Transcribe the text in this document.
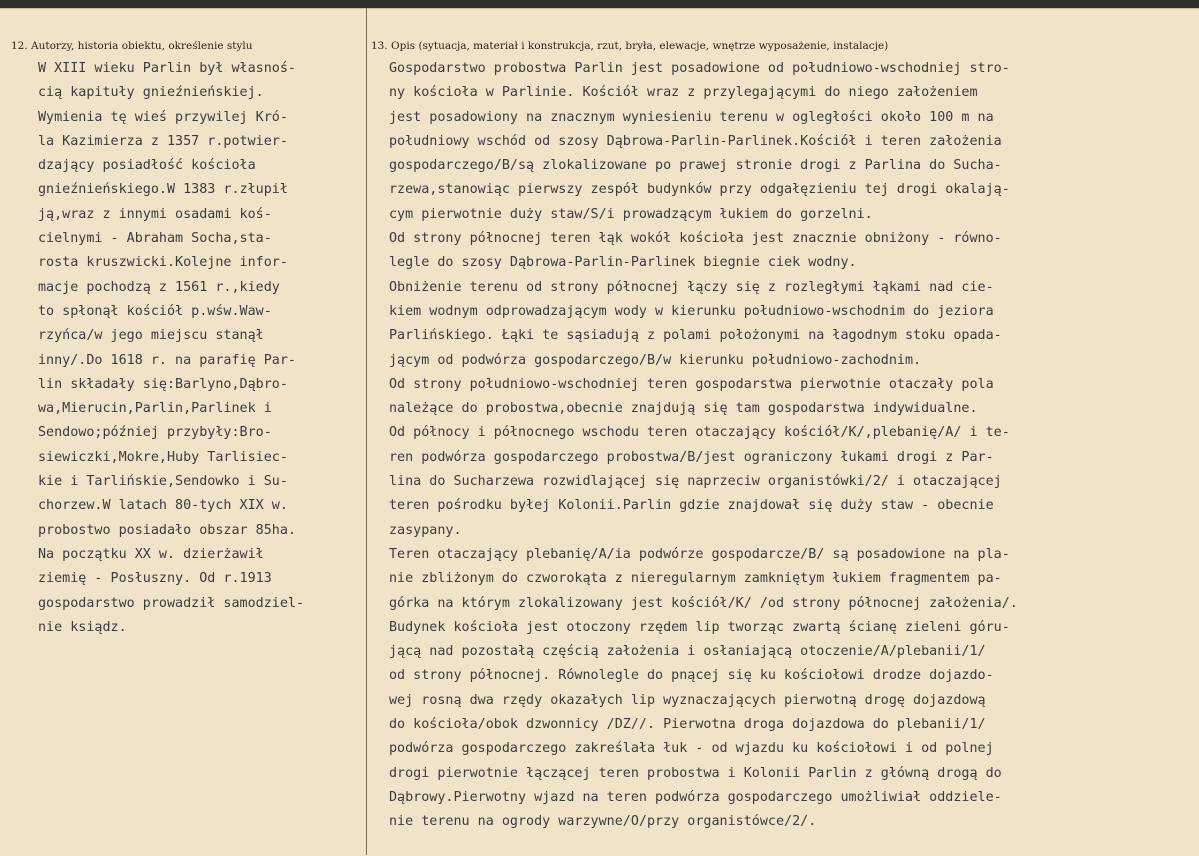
12. Autorzy, historia obiektu, określenie stylu	13. Opis (sytuacja, materiał i konstrukcja, rzut, bryła, elewacje, wnętrze wyposażenie, instalacje)
W XIII wieku Parlin był własnoś-
cią kapituły gnieźnieńskiej.
Wymienia tę wieś przywilej Kró-
la Kazimierza z 1357 r.potwier-
dzający posiadłość kościoła
gnieźnieńskiego.W 1383 r.złupił
ją,wraz z innymi osadami koś-
cielnymi - Abraham Socha,sta-
rosta kruszwicki.Kolejne infor-
macje pochodzą z 1561 r.,kiedy
to spłonął kościół p.wśw.Waw-
rzyńca/w jego miejscu stanął
inny/.Do 1618 r. na parafię Par-
lin składały się:Barlyno,Dąbro-
wa,Mierucin,Parlin,Parlinek i
Sendowo;później przybyły:Bro-
siewiczki,Mokre,Huby Tarlisiec-
kie i Tarlińskie,Sendowko i Su-
chorzew.W latach 80-tych XIX w.
probostwo posiadało obszar 85ha.
Na początku XX w. dzierżawił
ziemię - Posłuszny. Od r.1913
gospodarstwo prowadził samodziel-
nie ksiądz.
Gospodarstwo probostwa Parlin jest posadowione od południowo-wschodniej stro-
ny kościoła w Parlinie. Kościół wraz z przylegającymi do niego założeniem
jest posadowiony na znacznym wyniesieniu terenu w ogległości około 100 m na
południowy wschód od szosy Dąbrowa-Parlin-Parlinek.Kościół i teren założenia
gospodarczego/B/są zlokalizowane po prawej stronie drogi z Parlina do Sucha-
rzewa,stanowiąc pierwszy zespół budynków przy odgałęzieniu tej drogi okalają-
cym pierwotnie duży staw/S/i prowadzącym łukiem do gorzelni.
Od strony północnej teren łąk wokół kościoła jest znacznie obniżony - równo-
legle do szosy Dąbrowa-Parlin-Parlinek biegnie ciek wodny.
Obniżenie terenu od strony północnej łączy się z rozległymi łąkami nad cie-
kiem wodnym odprowadzającym wody w kierunku południowo-wschodnim do jeziora
Parlińskiego. Łąki te sąsiadują z polami położonymi na łagodnym stoku opada-
jącym od podwórza gospodarczego/B/w kierunku południowo-zachodnim.
Od strony południowo-wschodniej teren gospodarstwa pierwotnie otaczały pola
należące do probostwa,obecnie znajdują się tam gospodarstwa indywidualne.
Od północy i północnego wschodu teren otaczający kościół/K/,plebanię/A/ i te-
ren podwórza gospodarczego probostwa/B/jest ograniczony łukami drogi z Par-
lina do Sucharzewa rozwidlającej się naprzeciw organistówki/2/ i otaczającej
teren pośrodku byłej Kolonii.Parlin gdzie znajdował się duży staw - obecnie
zasypany.
Teren otaczający plebanię/A/ia podwórze gospodarcze/B/ są posadowione na pla-
nie zbliżonym do czworokąta z nieregularnym zamkniętym łukiem fragmentem pa-
górka na którym zlokalizowany jest kościół/K/ /od strony północnej założenia/.
Budynek kościoła jest otoczony rzędem lip tworząc zwartą ścianę zieleni góru-
jącą nad pozostałą częścią założenia i osłaniającą otoczenie/A/plebanii/1/
od strony północnej. Równolegle do pnącej się ku kościołowi drodze dojazdo-
wej rosną dwa rzędy okazałych lip wyznaczających pierwotną drogę dojazdową
do kościoła/obok dzwonnicy /DZ//. Pierwotna droga dojazdowa do plebanii/1/
podwórza gospodarczego zakreślała łuk - od wjazdu ku kościołowi i od polnej
drogi pierwotnie łączącej teren probostwa i Kolonii Parlin z główną drogą do
Dąbrowy.Pierwotny wjazd na teren podwórza gospodarczego umożliwiał oddziele-
nie terenu na ogrody warzywne/O/przy organistówce/2/.
